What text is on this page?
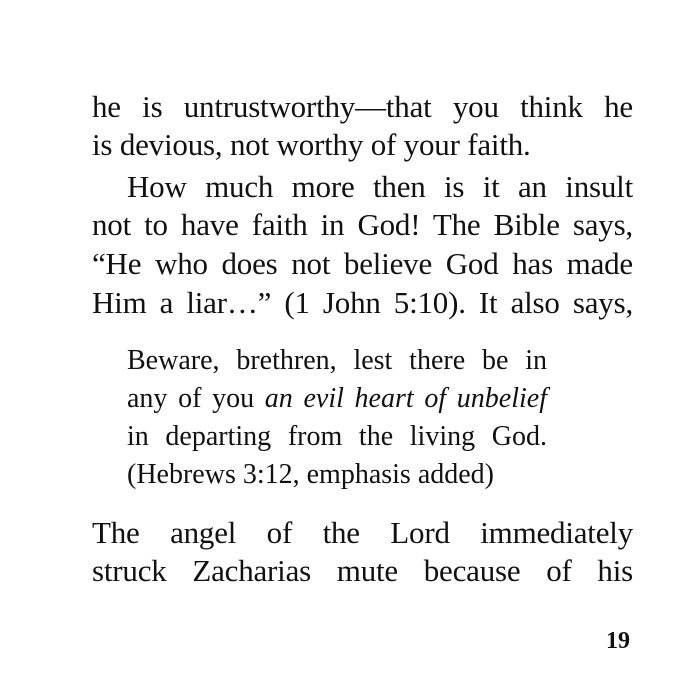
he is untrustworthy—that you think he
is devious, not worthy of your faith.
How much more then is it an insult
not to have faith in God! The Bible says,
“He who does not believe God has made
Him a liar…” (1 John 5:10). It also says,
Beware, brethren, lest there be in
any of you an evil heart of unbelief
in departing from the living God.
(Hebrews 3:12, emphasis added)
The angel of the Lord immediately
struck Zacharias mute because of his
19
